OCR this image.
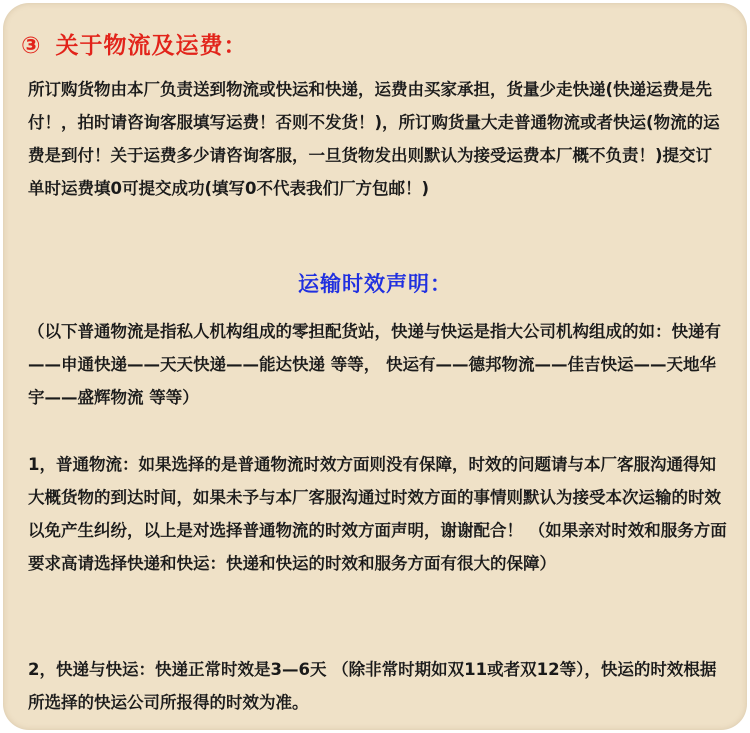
③ 关于物流及运费：

所订购货物由本厂负责送到物流或快运和快递，运费由买家承担，货量少走快递(快递运费是先付！，拍时请咨询客服填写运费！否则不发货！)，所订购货量大走普通物流或者快运(物流的运费是到付！关于运费多少请咨询客服，一旦货物发出则默认为接受运费本厂概不负责！)提交订单时运费填0可提交成功(填写0不代表我们厂方包邮！)

运输时效声明：

（以下普通物流是指私人机构组成的零担配货站，快递与快运是指大公司机构组成的如：快递有——申通快递——天天快递——能达快递 等等， 快运有——德邦物流——佳吉快运——天地华宇——盛辉物流 等等）

1，普通物流：如果选择的是普通物流时效方面则没有保障，时效的问题请与本厂客服沟通得知大概货物的到达时间，如果未予与本厂客服沟通过时效方面的事情则默认为接受本次运输的时效以免产生纠纷，以上是对选择普通物流的时效方面声明，谢谢配合！ （如果亲对时效和服务方面要求高请选择快递和快运：快递和快运的时效和服务方面有很大的保障）

2，快递与快运：快递正常时效是3—6天 （除非常时期如双11或者双12等），快运的时效根据所选择的快运公司所报得的时效为准。
